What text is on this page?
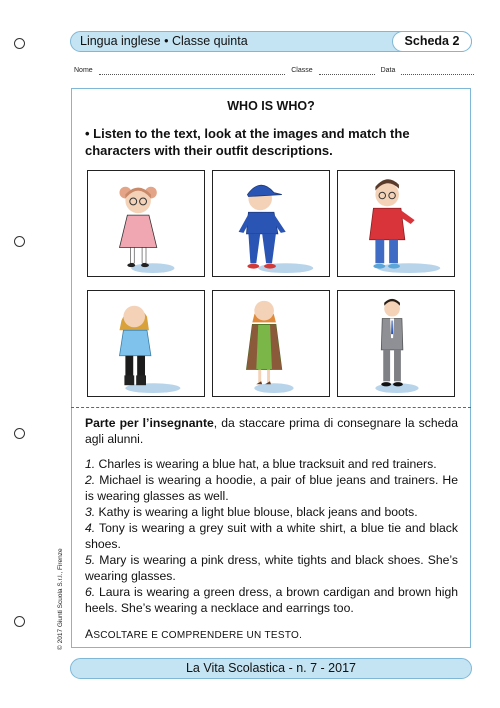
Lingua inglese • Classe quinta	Scheda 2
Nome	Classe	Data
WHO IS WHO?
• Listen to the text, look at the images and match the characters with their outfit descriptions.
Parte per l’insegnante, da staccare prima di consegnare la scheda agli alunni.

1. Charles is wearing a blue hat, a blue tracksuit and red trainers.

2. Michael is wearing a hoodie, a pair of blue jeans and trainers. He is wearing glasses as well.

3. Kathy is wearing a light blue blouse, black jeans and boots.

4. Tony is wearing a grey suit with a white shirt, a blue tie and black shoes.

5. Mary is wearing a pink dress, white tights and black shoes. She’s wearing glasses.

6. Laura is wearing a green dress, a brown cardigan and brown high heels. She’s wearing a necklace and earrings too.

ASCOLTARE E COMPRENDERE UN TESTO.
La Vita Scolastica - n. 7 - 2017
© 2017 Giunti Scuola S.r.l., Firenze
